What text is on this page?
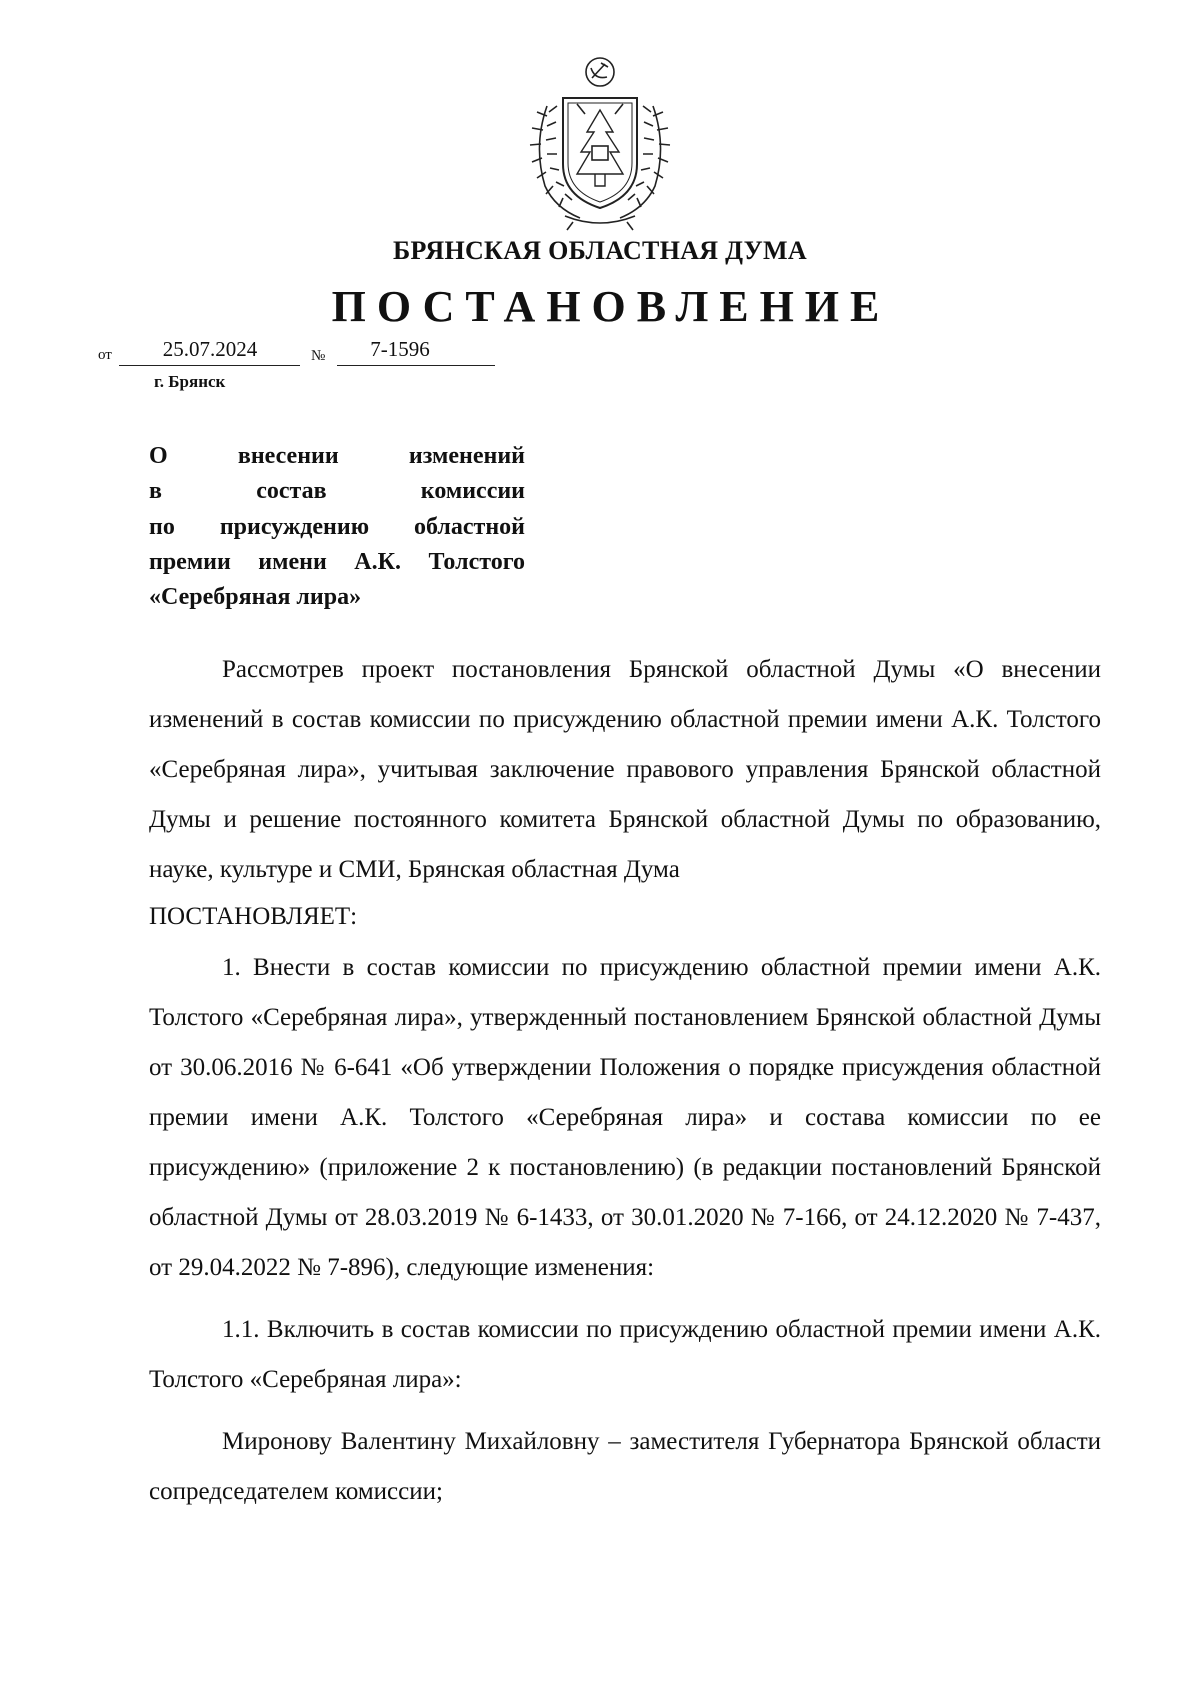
БРЯНСКАЯ ОБЛАСТНАЯ ДУМА
ПОСТАНОВЛЕНИЕ
от	25.07.2024	№	7-1596
г. Брянск
О внесении изменений
в состав комиссии
по присуждению областной
премии имени А.К. Толстого
«Серебряная лира»

Рассмотрев проект постановления Брянской областной Думы «О внесении изменений в состав комиссии по присуждению областной премии имени А.К. Толстого «Серебряная лира», учитывая заключение правового управления Брянской областной Думы и решение постоянного комитета Брянской областной Думы по образованию, науке, культуре и СМИ, Брянская областная Дума

ПОСТАНОВЛЯЕТ:

1. Внести в состав комиссии по присуждению областной премии имени А.К. Толстого «Серебряная лира», утвержденный постановлением Брянской областной Думы от 30.06.2016 № 6-641 «Об утверждении Положения о порядке присуждения областной премии имени А.К. Толстого «Серебряная лира» и состава комиссии по ее присуждению» (приложение 2 к постановлению) (в редакции постановлений Брянской областной Думы от 28.03.2019 № 6-1433, от 30.01.2020 № 7-166, от 24.12.2020 № 7-437, от 29.04.2022 № 7-896), следующие изменения:

1.1. Включить в состав комиссии по присуждению областной премии имени А.К. Толстого «Серебряная лира»:

Миронову Валентину Михайловну – заместителя Губернатора Брянской области сопредседателем комиссии;
